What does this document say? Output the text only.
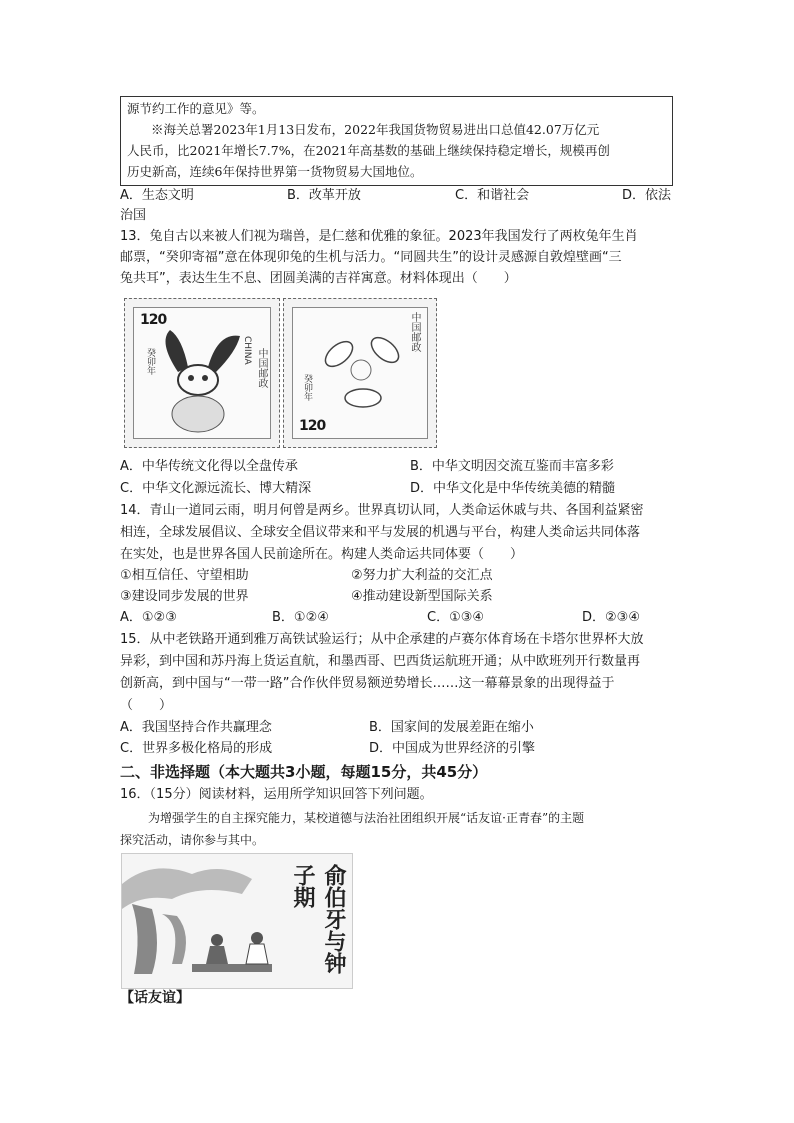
源节约工作的意见》等。
※海关总署2023年1月13日发布，2022年我国货物贸易进出口总值42.07万亿元
人民币，比2021年增长7.7%，在2021年高基数的基础上继续保持稳定增长，规模再创
历史新高，连续6年保持世界第一货物贸易大国地位。
A．生态文明	B．改革开放	C．和谐社会	D．依法
治国
13．兔自古以来被人们视为瑞兽，是仁慈和优雅的象征。2023年我国发行了两枚兔年生肖
邮票，“癸卯寄福”意在体现卯兔的生机与活力。“同圆共生”的设计灵感源自敦煌壁画“三
兔共耳”，表达生生不息、团圆美满的吉祥寓意。材料体现出（　　）
120
CHINA 中国邮政
癸卯年
中国邮政
癸卯年
120
A．中华传统文化得以全盘传承	B．中华文明因交流互鉴而丰富多彩
C．中华文化源远流长、博大精深	D．中华文化是中华传统美德的精髓
14．青山一道同云雨，明月何曾是两乡。世界真切认同，人类命运休戚与共、各国利益紧密
相连，全球发展倡议、全球安全倡议带来和平与发展的机遇与平台，构建人类命运共同体落
在实处，也是世界各国人民前途所在。构建人类命运共同体要（　　）
①相互信任、守望相助	②努力扩大利益的交汇点
③建设同步发展的世界	④推动建设新型国际关系
A．①②③	B．①②④	C．①③④	D．②③④
15．从中老铁路开通到雅万高铁试验运行；从中企承建的卢赛尔体育场在卡塔尔世界杯大放
异彩，到中国和苏丹海上货运直航，和墨西哥、巴西货运航班开通；从中欧班列开行数量再
创新高，到中国与“一带一路”合作伙伴贸易额逆势增长……这一幕幕景象的出现得益于
（　　）
A．我国坚持合作共赢理念	B．国家间的发展差距在缩小
C．世界多极化格局的形成	D．中国成为世界经济的引擎
二、非选择题（本大题共3小题，每题15分，共45分）
16．（15分）阅读材料，运用所学知识回答下列问题。
为增强学生的自主探究能力，某校道德与法治社团组织开展“话友谊·正青春”的主题
探究活动，请你参与其中。
俞伯牙与钟子期
【话友谊】
